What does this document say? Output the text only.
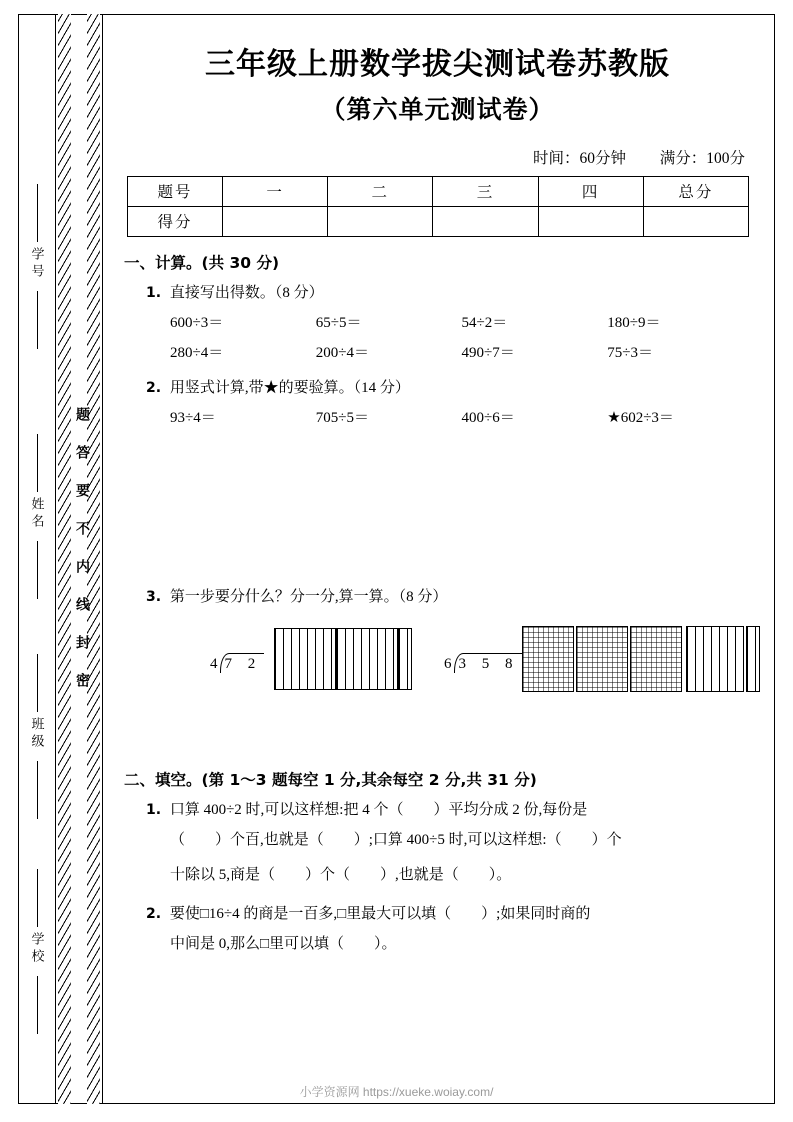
题答要不内线封密
学号
姓名
班级
学校
三年级上册数学拔尖测试卷苏教版
（第六单元测试卷）
时间：60分钟 满分：100分
题号	一	二	三	四	总分
得分					
一、计算。(共 30 分)
1. 直接写出得数。（8 分）
600÷3＝	65÷5＝	54÷2＝	180÷9＝
280÷4＝	200÷4＝	490÷7＝	75÷3＝
2. 用竖式计算,带★的要验算。（14 分）
93÷4＝	705÷5＝	400÷6＝	★602÷3＝
3. 第一步要分什么？分一分,算一算。（8 分）
4 7 2	6 3 5 8
二、填空。(第 1～3 题每空 1 分,其余每空 2 分,共 31 分)
1. 口算 400÷2 时,可以这样想:把 4 个（　　）平均分成 2 份,每份是
（　　）个百,也就是（　　）;口算 400÷5 时,可以这样想:（　　）个
十除以 5,商是（　　）个（　　）,也就是（　　）。
2. 要使□16÷4 的商是一百多,□里最大可以填（　　）;如果同时商的
中间是 0,那么□里可以填（　　）。
小学资源网 https://xueke.woiay.com/
